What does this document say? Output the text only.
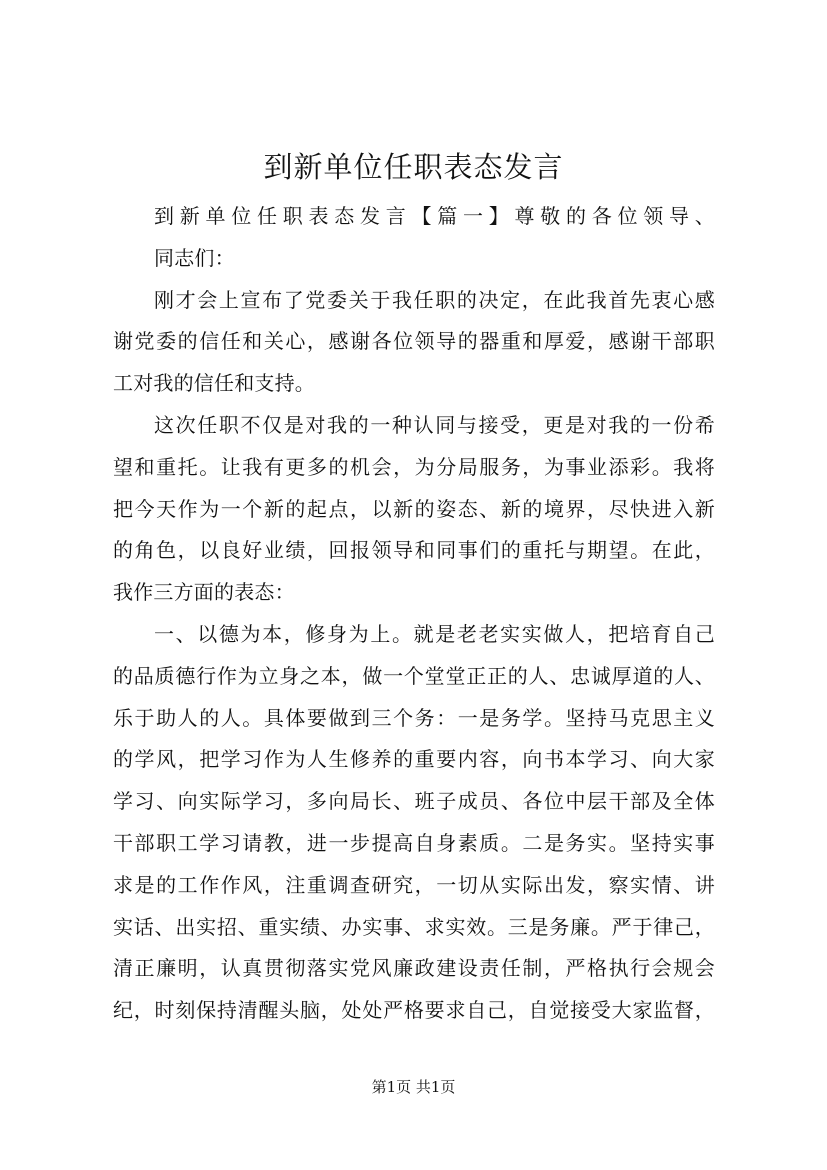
到新单位任职表态发言
到新单位任职表态发言【篇一】尊敬的各位领导、
同志们：
刚才会上宣布了党委关于我任职的决定，在此我首先衷心感
谢党委的信任和关心，感谢各位领导的器重和厚爱，感谢干部职
工对我的信任和支持。
这次任职不仅是对我的一种认同与接受，更是对我的一份希
望和重托。让我有更多的机会，为分局服务，为事业添彩。我将
把今天作为一个新的起点，以新的姿态、新的境界，尽快进入新
的角色，以良好业绩，回报领导和同事们的重托与期望。在此，
我作三方面的表态：
一、以德为本，修身为上。就是老老实实做人，把培育自己
的品质德行作为立身之本，做一个堂堂正正的人、忠诚厚道的人、
乐于助人的人。具体要做到三个务：一是务学。坚持马克思主义
的学风，把学习作为人生修养的重要内容，向书本学习、向大家
学习、向实际学习，多向局长、班子成员、各位中层干部及全体
干部职工学习请教，进一步提高自身素质。二是务实。坚持实事
求是的工作作风，注重调查研究，一切从实际出发，察实情、讲
实话、出实招、重实绩、办实事、求实效。三是务廉。严于律己，
清正廉明，认真贯彻落实党风廉政建设责任制，严格执行会规会
纪，时刻保持清醒头脑，处处严格要求自己，自觉接受大家监督，
第1页 共1页
